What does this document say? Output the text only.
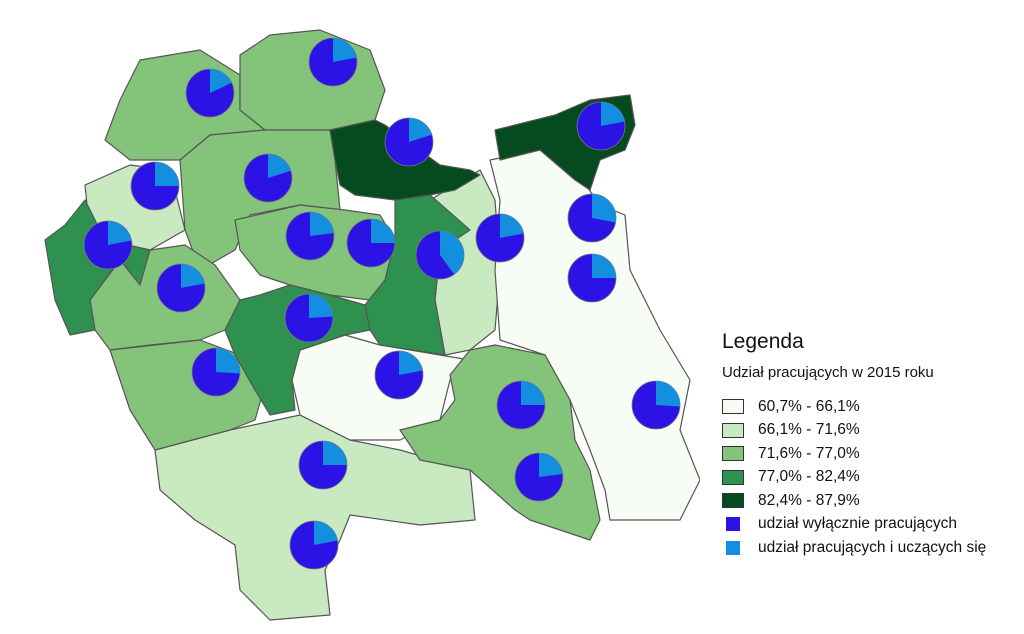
Legenda
Udział pracujących w 2015 roku
60,7% - 66,1%
66,1% - 71,6%
71,6% - 77,0%
77,0% - 82,4%
82,4% - 87,9%
udział wyłącznie pracujących
udział pracujących i uczących się
